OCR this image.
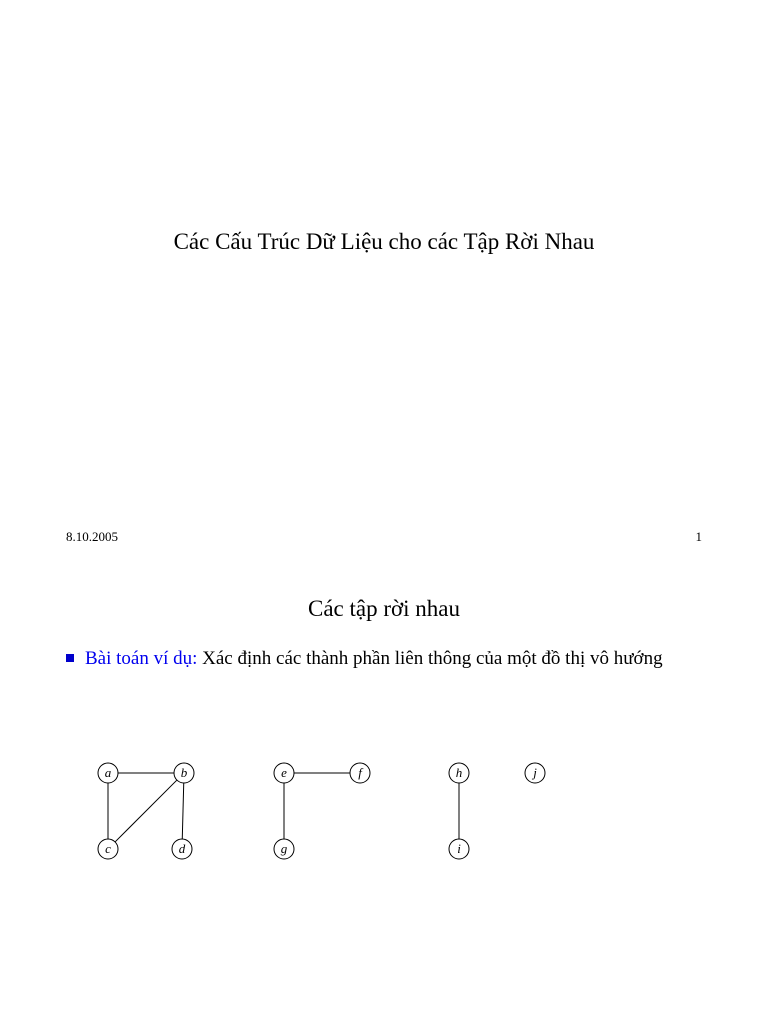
Các Cấu Trúc Dữ Liệu cho các Tập Rời Nhau
8.10.2005	1
Các tập rời nhau
Bài toán ví dụ: Xác định các thành phần liên thông của một đồ thị vô hướng
a	b
c	d
e	f
g
h
i
j
